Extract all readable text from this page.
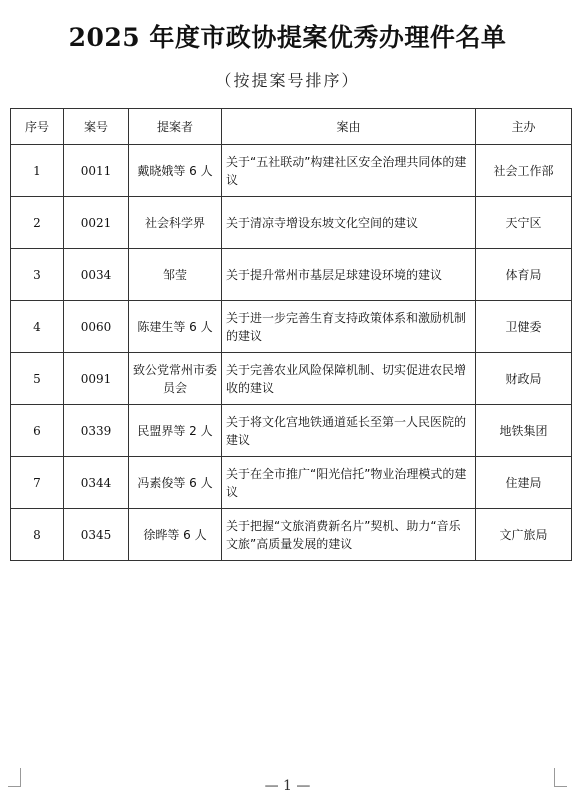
2025 年度市政协提案优秀办理件名单
（按提案号排序）
序号	案号	提案者	案由	主办
1	0011	戴晓娥等 6 人	关于“五社联动”构建社区安全治理共同体的建议	社会工作部
2	0021	社会科学界	关于清凉寺增设东坡文化空间的建议	天宁区
3	0034	邹莹	关于提升常州市基层足球建设环境的建议	体育局
4	0060	陈建生等 6 人	关于进一步完善生育支持政策体系和激励机制的建议	卫健委
5	0091	致公党常州市委员会	关于完善农业风险保障机制、切实促进农民增收的建议	财政局
6	0339	民盟界等 2 人	关于将文化宫地铁通道延长至第一人民医院的建议	地铁集团
7	0344	冯素俊等 6 人	关于在全市推广“阳光信托”物业治理模式的建议	住建局
8	0345	徐晔等 6 人	关于把握“文旅消费新名片”契机、助力“音乐文旅”高质量发展的建议	文广旅局
— 1 —
